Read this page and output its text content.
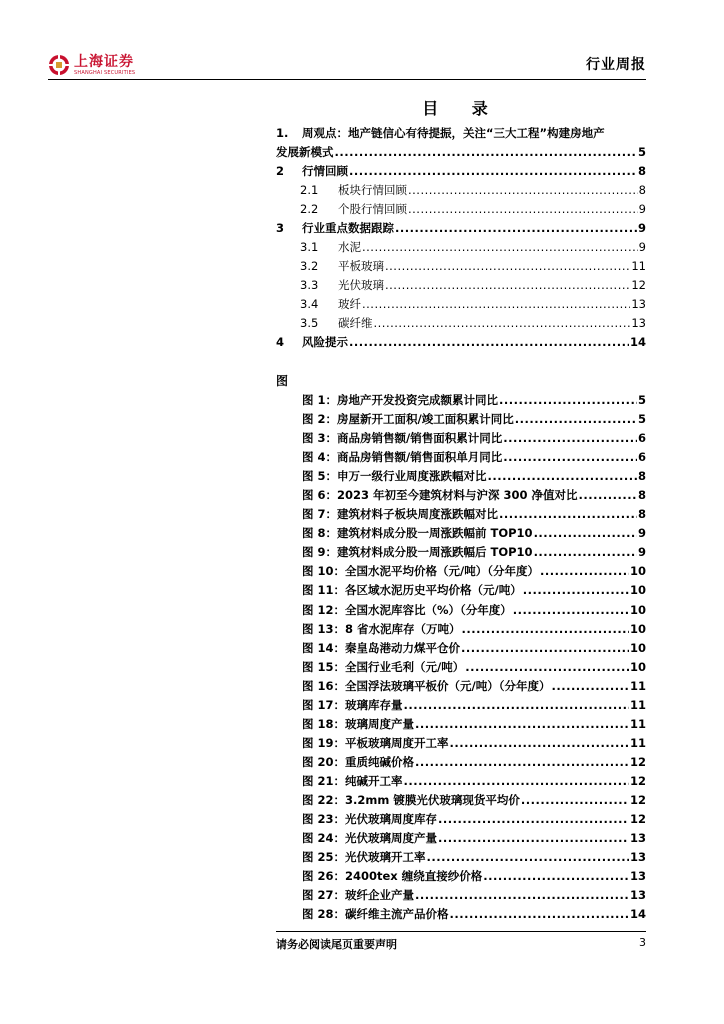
上海证券
SHANGHAI SECURITIES	行业周报
目 录
1. 周观点：地产链信心有待提振，关注“三大工程”构建房地产
发展新模式 .....	5
2	行情回顾 .....	8
2.1	板块行情回顾 .....	8
2.2	个股行情回顾 .....	9
3	行业重点数据跟踪 .....	9
3.1	水泥 .....	9
3.2	平板玻璃 .....	11
3.3	光伏玻璃 .....	12
3.4	玻纤 .....	13
3.5	碳纤维 .....	13
4	风险提示 .....	14
图
图 1：房地产开发投资完成额累计同比 .....	5
图 2：房屋新开工面积/竣工面积累计同比 .....	5
图 3：商品房销售额/销售面积累计同比 .....	6
图 4：商品房销售额/销售面积单月同比 .....	6
图 5：申万一级行业周度涨跌幅对比 .....	8
图 6：2023 年初至今建筑材料与沪深 300 净值对比 .....	8
图 7：建筑材料子板块周度涨跌幅对比 .....	8
图 8：建筑材料成分股一周涨跌幅前 TOP10 .....	9
图 9：建筑材料成分股一周涨跌幅后 TOP10 .....	9
图 10：全国水泥平均价格（元/吨）（分年度） .....	10
图 11：各区域水泥历史平均价格（元/吨） .....	10
图 12：全国水泥库容比（%）（分年度） .....	10
图 13：8 省水泥库存（万吨） .....	10
图 14：秦皇岛港动力煤平仓价 .....	10
图 15：全国行业毛利（元/吨） .....	10
图 16：全国浮法玻璃平板价（元/吨）（分年度） .....	11
图 17：玻璃库存量 .....	11
图 18：玻璃周度产量 .....	11
图 19：平板玻璃周度开工率 .....	11
图 20：重质纯碱价格 .....	12
图 21：纯碱开工率 .....	12
图 22：3.2mm 镀膜光伏玻璃现货平均价 .....	12
图 23：光伏玻璃周度库存 .....	12
图 24：光伏玻璃周度产量 .....	13
图 25：光伏玻璃开工率 .....	13
图 26：2400tex 缠绕直接纱价格 .....	13
图 27：玻纤企业产量 .....	13
图 28：碳纤维主流产品价格 .....	14
请务必阅读尾页重要声明	3
